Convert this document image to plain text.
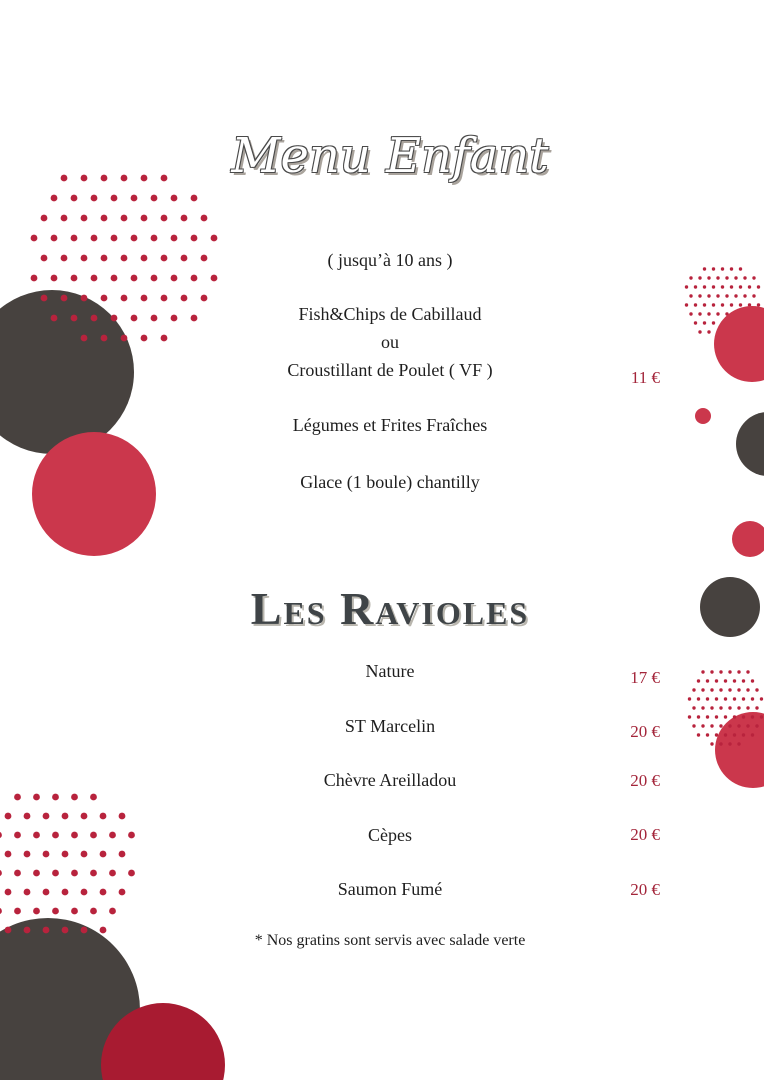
Menu Enfant
( jusqu’à 10 ans )
Fish&Chips de Cabillaud
ou
Croustillant de Poulet ( VF )
Légumes et Frites Fraîches
Glace (1 boule) chantilly
11 €
Les Ravioles
Nature	17 €
ST Marcelin	20 €
Chèvre Areilladou	20 €
Cèpes	20 €
Saumon Fumé	20 €
* Nos gratins sont servis avec salade verte
